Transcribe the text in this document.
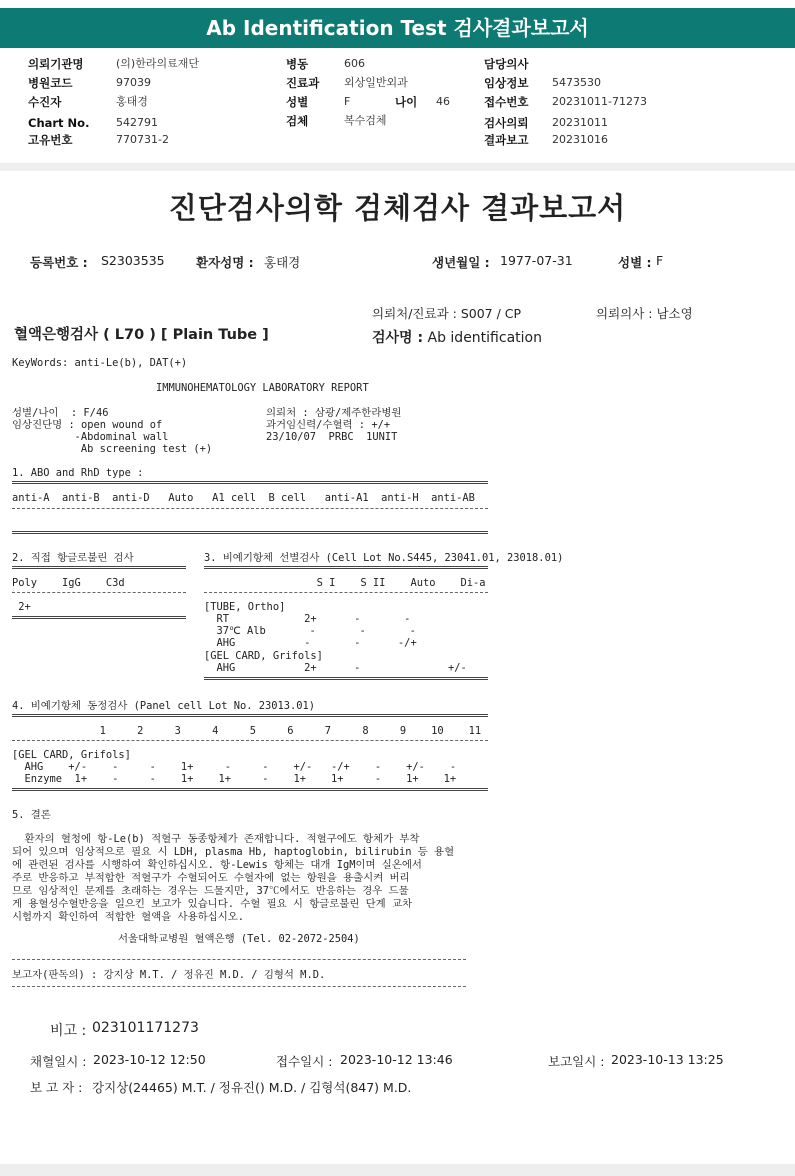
Ab Identification Test 검사결과보고서
의뢰기관명	(의)한라의료재단
병원코드	97039
수진자	홍태경
Chart No. 542791
고유번호	770731-2
병동	606
진료과 외상일반외과
성별	F	나이 46
검체	복수검체
담당의사
임상정보 5473530
접수번호 20231011-71273
검사의뢰 20231011
결과보고 20231016
진단검사의학 검체검사 결과보고서
등록번호 : S2303535	환자성명 : 홍태경	생년월일 : 1977-07-31	성별 : F
의뢰처/진료과 : S007 / CP	의뢰의사 : 남소영
혈액은행검사 ( L70 ) [ Plain Tube ]	검사명 : Ab identification
KeyWords: anti-Le(b), DAT(+)
IMMUNOHEMATOLOGY LABORATORY REPORT
성별/나이  : F/46
임상진단명 : open wound of
-Abdominal wall
Ab screening test (+)
의뢰처 : 삼광/제주한라병원
과거임신력/수혈력 : +/+
23/10/07  PRBC  1UNIT
1. ABO and RhD type :
anti-A  anti-B  anti-D   Auto   A1 cell  B cell   anti-A1  anti-H  anti-AB
2. 직접 항글로불린 검사
Poly    IgG    C3d
2+
3. 비예기항체 선별검사 (Cell Lot No.S445, 23041.01, 23018.01)
S I    S II    Auto    Di-a
[TUBE, Ortho]
RT            2+      -       -
37℃ Alb       -       -       -
AHG           -       -      -/+
[GEL CARD, Grifols]
AHG           2+      -              +/-
4. 비예기항체 동정검사 (Panel cell Lot No. 23013.01)
1     2     3     4     5     6     7     8     9    10    11
[GEL CARD, Grifols]
AHG    +/-    -     -    1+     -     -    +/-   -/+    -    +/-    -
Enzyme  1+    -     -    1+    1+     -    1+    1+     -    1+    1+
5. 결론
환자의 혈청에 항-Le(b) 적혈구 동종항체가 존재합니다. 적혈구에도 항체가 부착
되어 있으며 임상적으로 필요 시 LDH, plasma Hb, haptoglobin, bilirubin 등 용혈
에 관련된 검사를 시행하여 확인하십시오. 항-Lewis 항체는 대개 IgM이며 실온에서
주로 반응하고 부적합한 적혈구가 수혈되어도 수혈자에 없는 항원을 용출시켜 버리
므로 임상적인 문제를 초래하는 경우는 드물지만, 37℃에서도 반응하는 경우 드물
게 용혈성수혈반응을 일으킨 보고가 있습니다. 수혈 필요 시 항글로불린 단계 교차
시험까지 확인하여 적합한 혈액을 사용하십시오.
서울대학교병원 혈액은행 (Tel. 02-2072-2504)
보고자(판독의) : 강지상 M.T. / 정유진 M.D. / 김형석 M.D.
비고 : 023101171273
채혈일시 : 2023-10-12 12:50	접수일시 : 2023-10-12 13:46	보고일시 : 2023-10-13 13:25
보 고 자 : 강지상(24465) M.T. / 정유진() M.D. / 김형석(847) M.D.
